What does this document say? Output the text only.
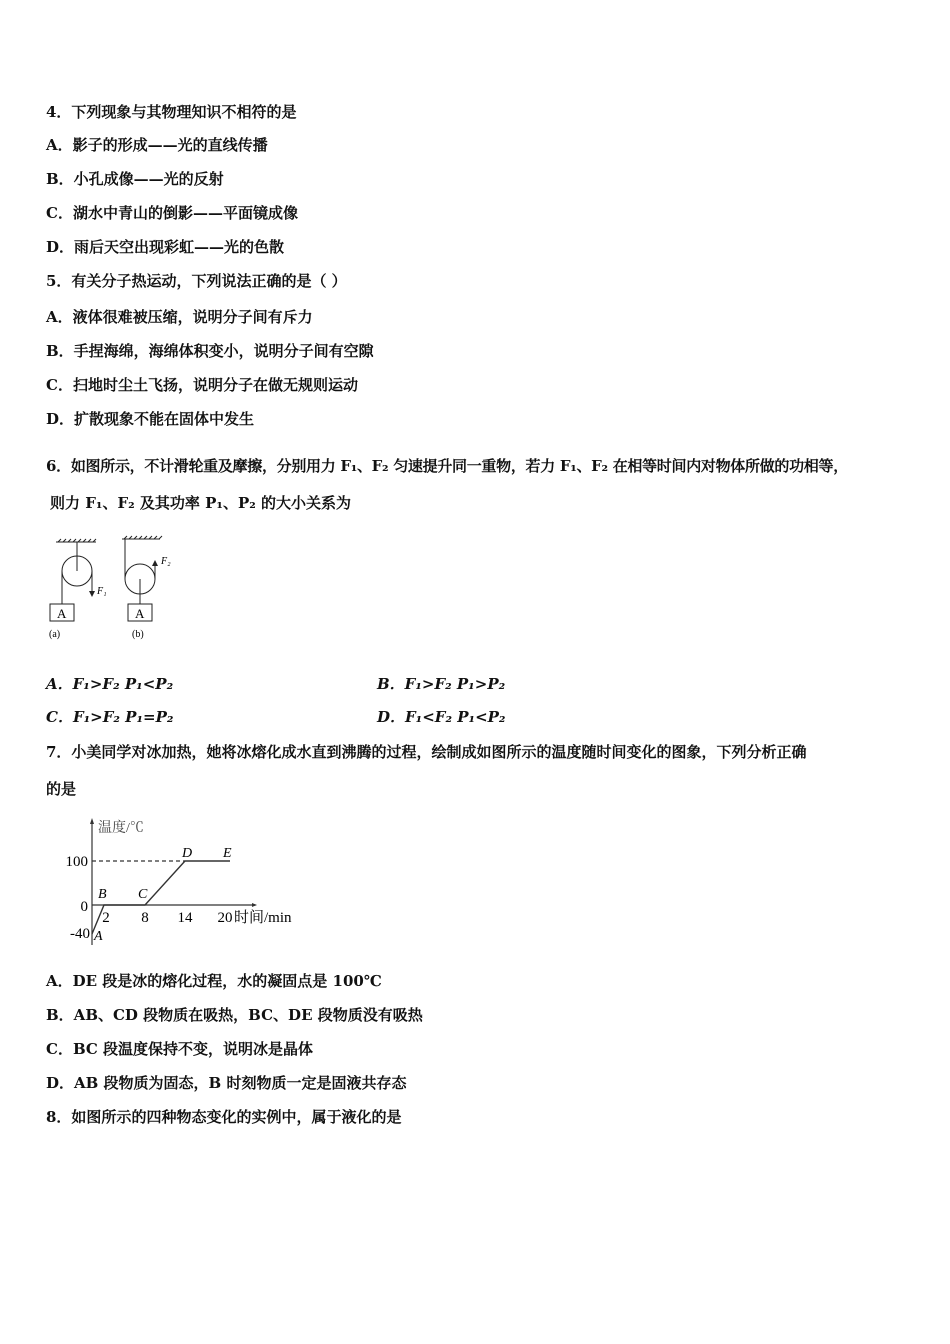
4．下列现象与其物理知识不相符的是
A．影子的形成——光的直线传播
B．小孔成像——光的反射
C．湖水中青山的倒影——平面镜成像
D．雨后天空出现彩虹——光的色散
5．有关分子热运动，下列说法正确的是（ ）
A．液体很难被压缩，说明分子间有斥力
B．手捏海绵，海绵体积变小，说明分子间有空隙
C．扫地时尘土飞扬，说明分子在做无规则运动
D．扩散现象不能在固体中发生
6．如图所示，不计滑轮重及摩擦，分别用力 F₁、F₂ 匀速提升同一重物，若力 F₁、F₂ 在相等时间内对物体所做的功相等，
则力 F₁、F₂ 及其功率 P₁、P₂ 的大小关系为
A	A
F₁
F₂
(a)	(b)
A．F₁>F₂ P₁<P₂	B．F₁>F₂ P₁>P₂
C．F₁>F₂ P₁=P₂	D．F₁<F₂ P₁<P₂
7．小美同学对冰加热，她将冰熔化成水直到沸腾的过程，绘制成如图所示的温度随时间变化的图象，下列分析正确
的是
温度/℃
100
0
-40
2 8 14 20 时间/min
A
B C
D E
A．DE 段是冰的熔化过程，水的凝固点是 100℃
B．AB、CD 段物质在吸热，BC、DE 段物质没有吸热
C．BC 段温度保持不变，说明冰是晶体
D．AB 段物质为固态，B 时刻物质一定是固液共存态
8．如图所示的四种物态变化的实例中，属于液化的是
